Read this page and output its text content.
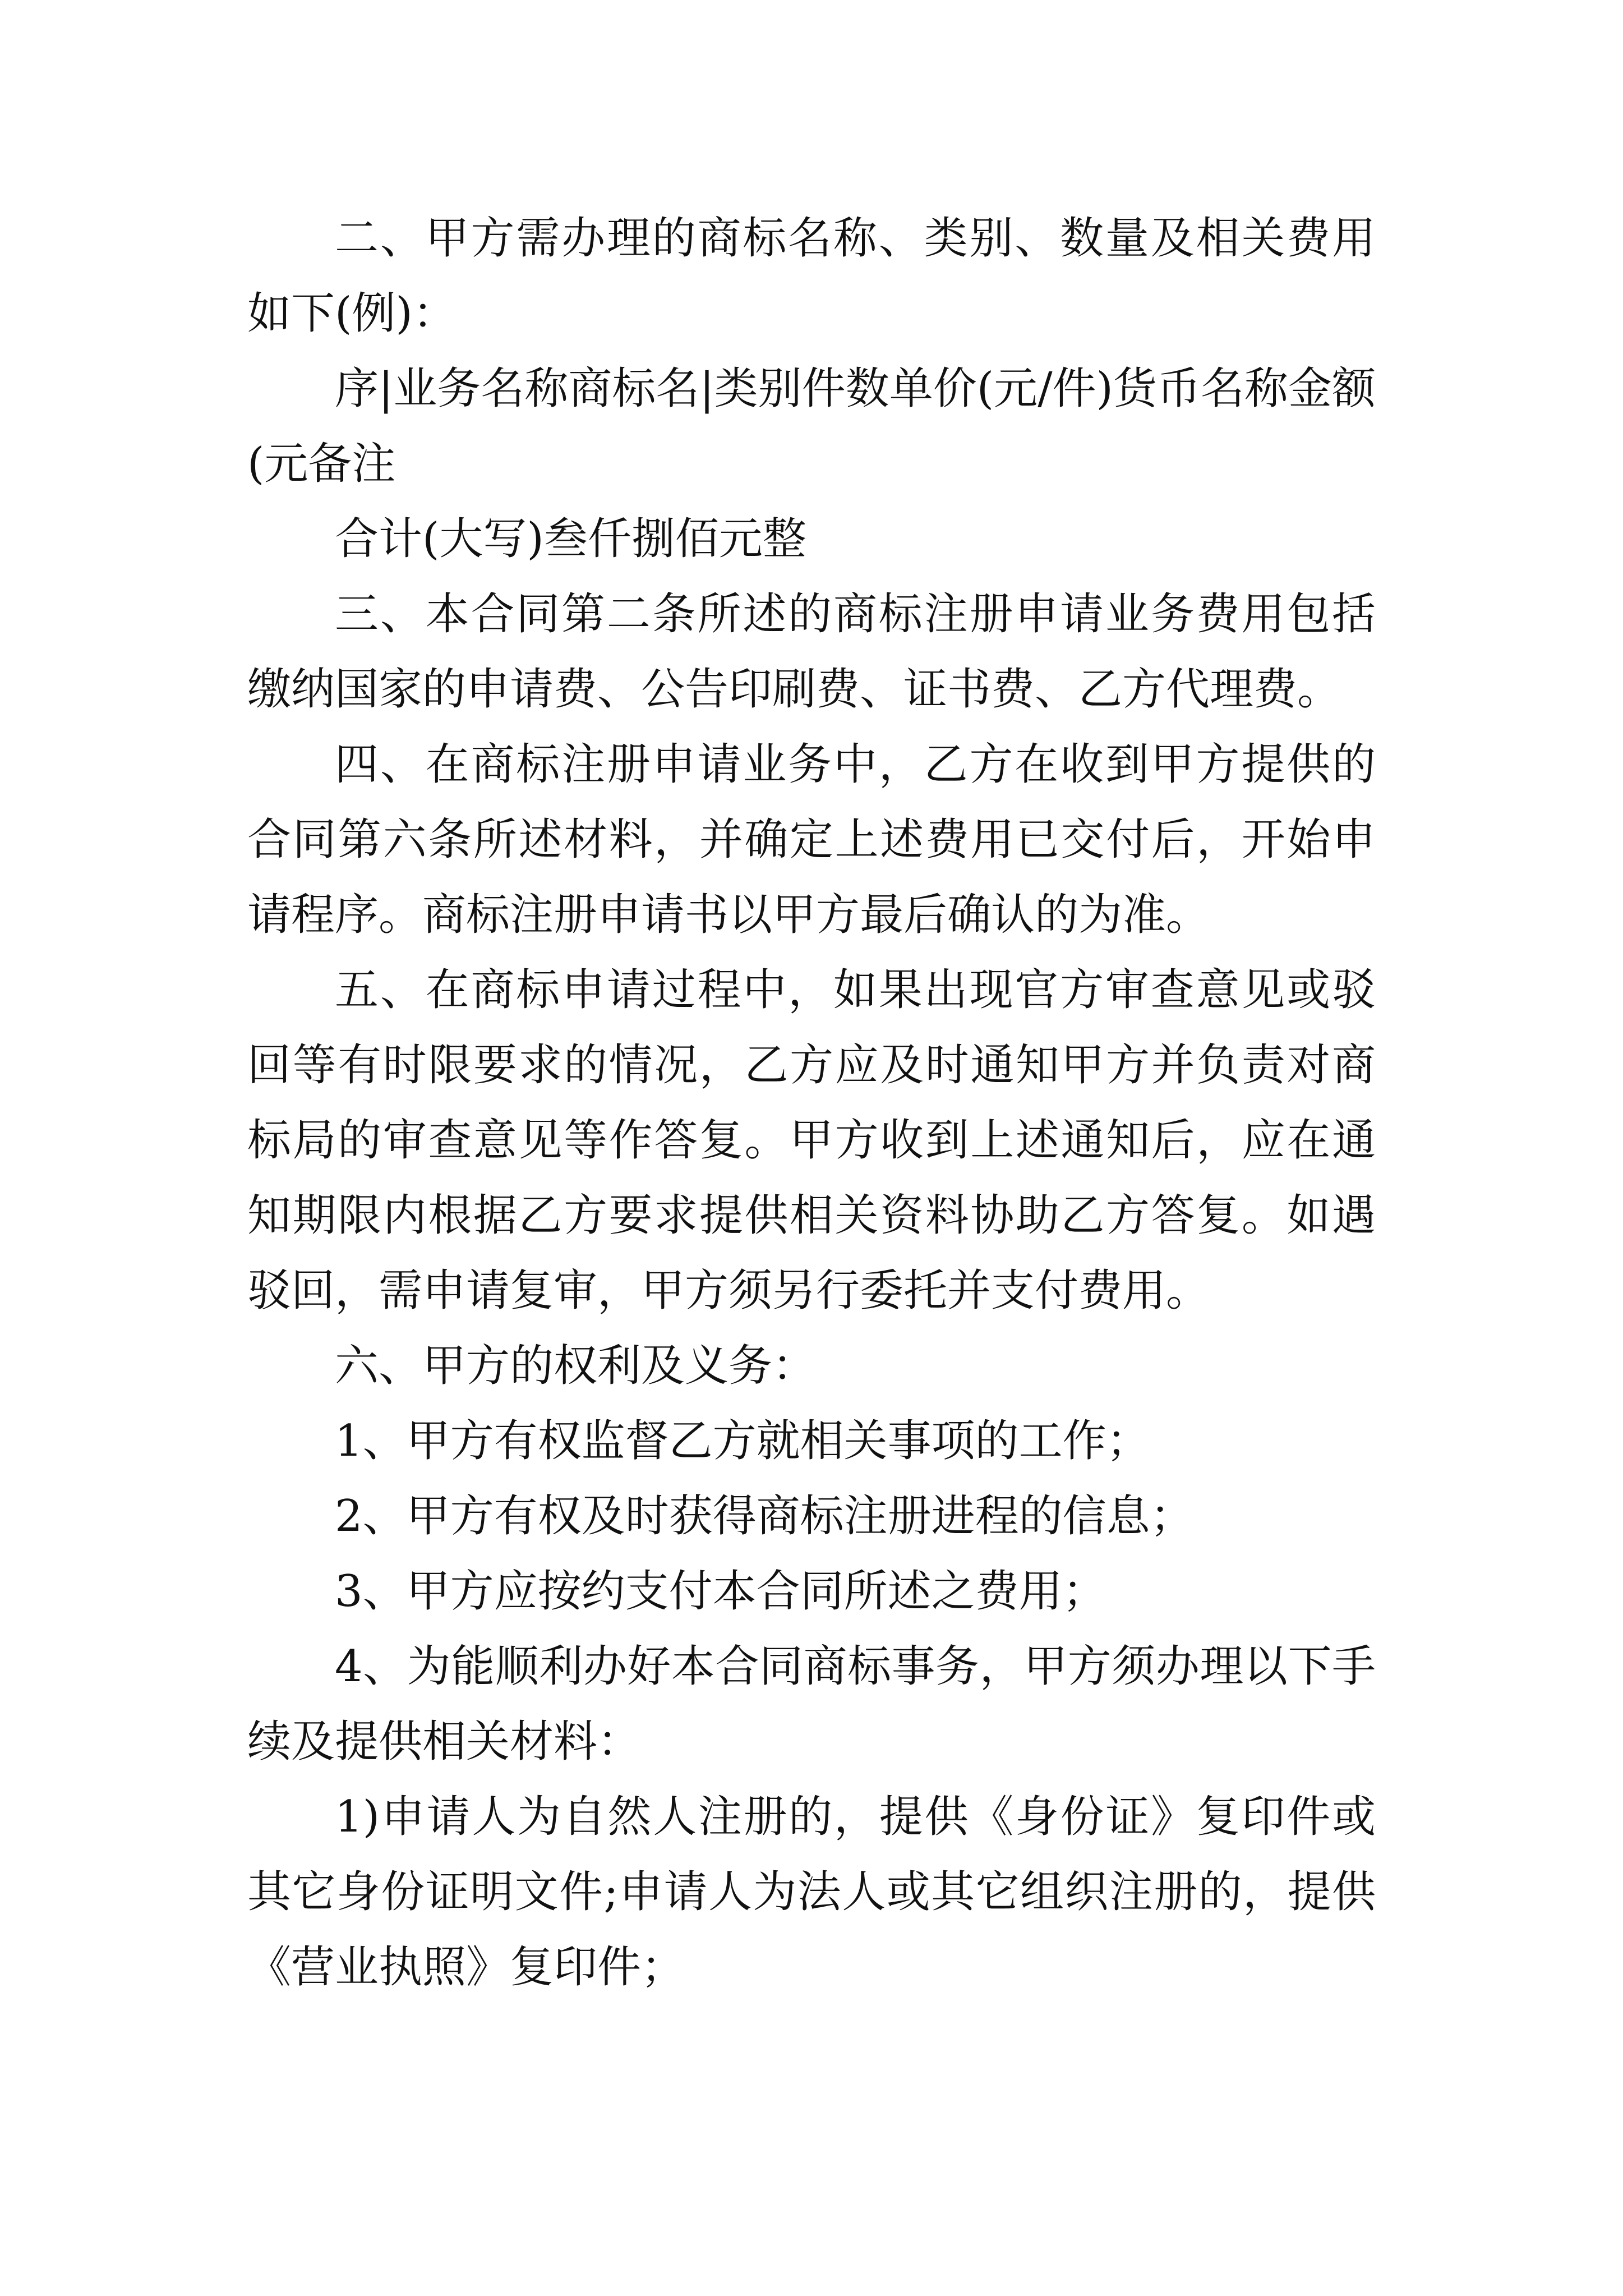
二、甲方需办理的商标名称、类别、数量及相关费用如下(例)：

序|业务名称商标名|类别件数单价(元/件)货币名称金额(元备注

合计(大写)叁仟捌佰元整

三、本合同第二条所述的商标注册申请业务费用包括缴纳国家的申请费、公告印刷费、证书费、乙方代理费。

四、在商标注册申请业务中，乙方在收到甲方提供的合同第六条所述材料，并确定上述费用已交付后，开始申请程序。商标注册申请书以甲方最后确认的为准。

五、在商标申请过程中，如果出现官方审查意见或驳回等有时限要求的情况，乙方应及时通知甲方并负责对商标局的审查意见等作答复。甲方收到上述通知后，应在通知期限内根据乙方要求提供相关资料协助乙方答复。如遇驳回，需申请复审，甲方须另行委托并支付费用。

六、甲方的权利及义务：

1、甲方有权监督乙方就相关事项的工作；

2、甲方有权及时获得商标注册进程的信息；

3、甲方应按约支付本合同所述之费用；

4、为能顺利办好本合同商标事务，甲方须办理以下手续及提供相关材料：

1)申请人为自然人注册的，提供《身份证》复印件或其它身份证明文件;申请人为法人或其它组织注册的，提供《营业执照》复印件；
